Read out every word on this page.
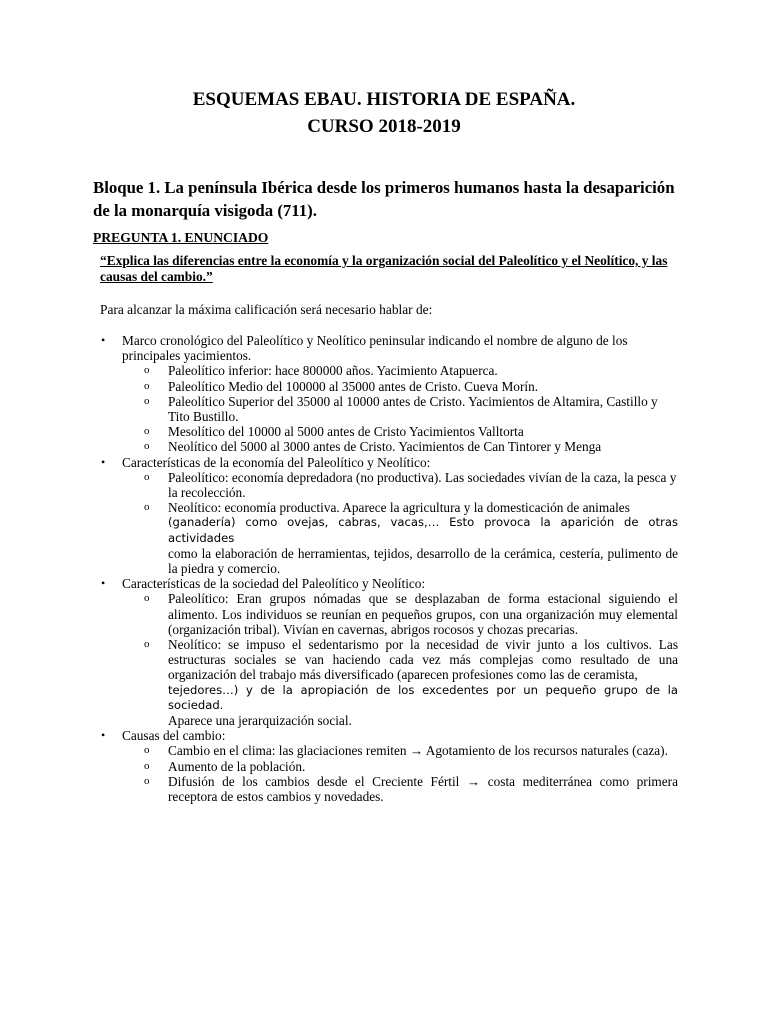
ESQUEMAS EBAU. HISTORIA DE ESPAÑA.
CURSO 2018-2019
Bloque 1. La península Ibérica desde los primeros humanos hasta la desaparición de la monarquía visigoda (711).
PREGUNTA 1. ENUNCIADO
“Explica las diferencias entre la economía y la organización social del Paleolítico y el Neolítico, y las causas del cambio.”
Para alcanzar la máxima calificación será necesario hablar de:
•	Marco cronológico del Paleolítico y Neolítico peninsular indicando el nombre de alguno de los principales yacimientos.
o Paleolítico inferior: hace 800000 años. Yacimiento Atapuerca.
o Paleolítico Medio del 100000 al 35000 antes de Cristo. Cueva Morín.
o Paleolítico Superior del 35000 al 10000 antes de Cristo. Yacimientos de Altamira, Castillo y Tito Bustillo.
o Mesolítico del 10000 al 5000 antes de Cristo Yacimientos Valltorta
o Neolítico del 5000 al 3000 antes de Cristo. Yacimientos de Can Tintorer y Menga
•	Características de la economía del Paleolítico y Neolítico:
o Paleolítico: economía depredadora (no productiva). Las sociedades vivían de la caza, la pesca y la recolección.
o Neolítico: economía productiva. Aparece la agricultura y la domesticación de animales
(ganadería) como ovejas, cabras, vacas,… Esto provoca la aparición de otras actividades
como la elaboración de herramientas, tejidos, desarrollo de la cerámica, cestería, pulimento de la piedra y comercio.
•	Características de la sociedad del Paleolítico y Neolítico:
o Paleolítico: Eran grupos nómadas que se desplazaban de forma estacional siguiendo el alimento. Los individuos se reunían en pequeños grupos, con una organización muy elemental (organización tribal). Vivían en cavernas, abrigos rocosos y chozas precarias.
o Neolítico: se impuso el sedentarismo por la necesidad de vivir junto a los cultivos. Las estructuras sociales se van haciendo cada vez más complejas como resultado de una organización del trabajo más diversificado (aparecen profesiones como las de ceramista,
tejedores…) y de la apropiación de los excedentes por un pequeño grupo de la sociedad.
Aparece una jerarquización social.
•	Causas del cambio:
o Cambio en el clima: las glaciaciones remiten → Agotamiento de los recursos naturales (caza).
o Aumento de la población.
o Difusión de los cambios desde el Creciente Fértil → costa mediterránea como primera receptora de estos cambios y novedades.
